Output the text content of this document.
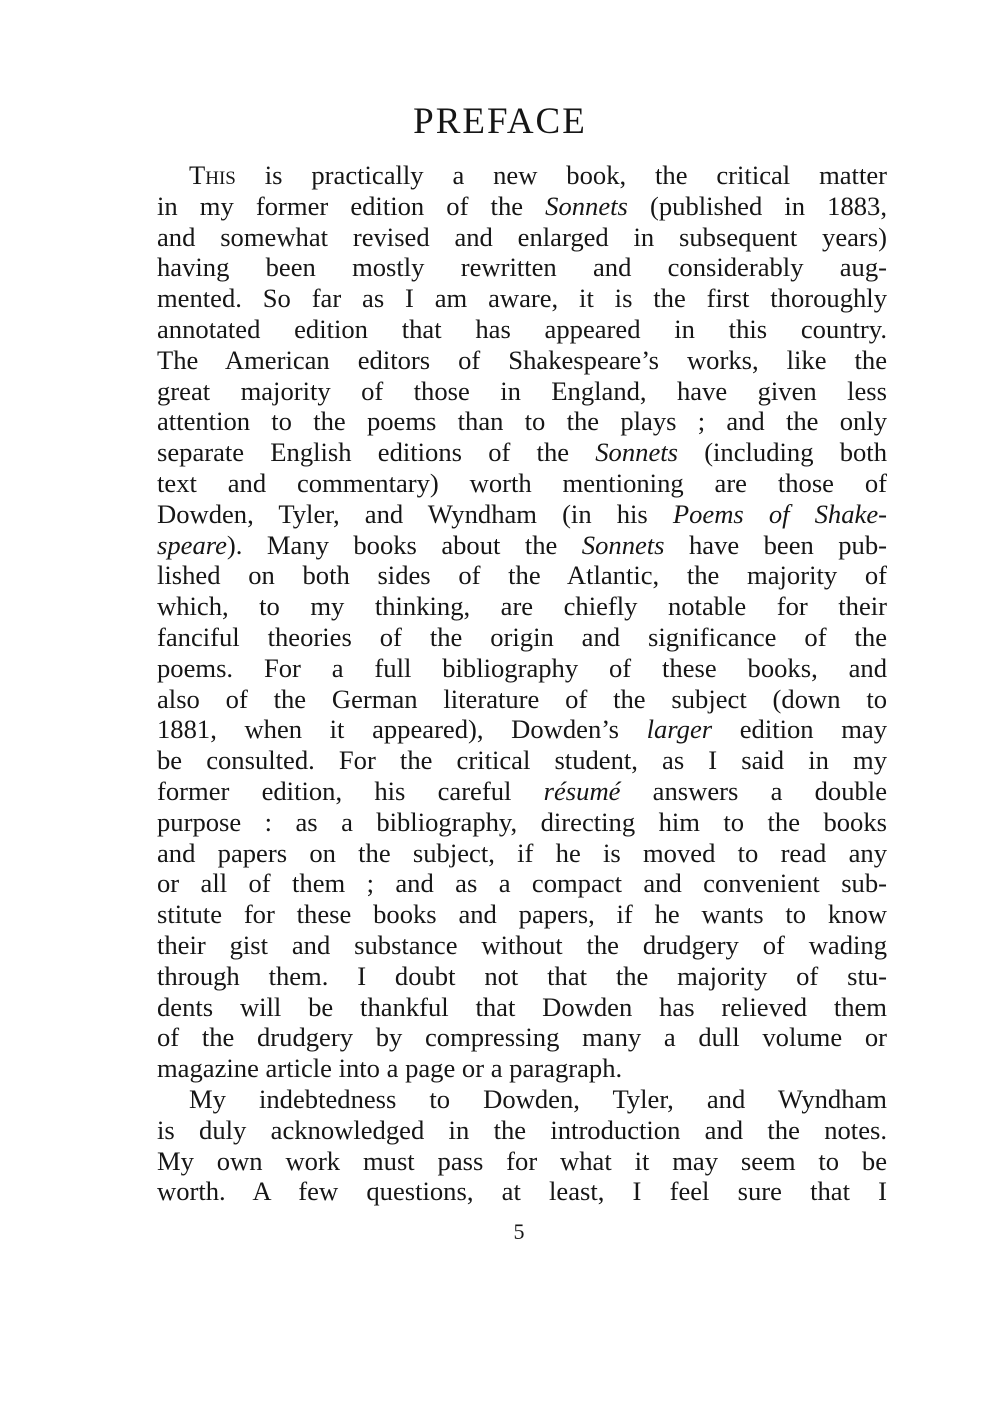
PREFACE
This is practically a new book, the critical matter
in my former edition of the Sonnets (published in 1883,
and somewhat revised and enlarged in subsequent years)
having been mostly rewritten and considerably aug-
mented. So far as I am aware, it is the first thoroughly
annotated edition that has appeared in this country.
The American editors of Shakespeare’s works, like the
great majority of those in England, have given less
attention to the poems than to the plays ; and the only
separate English editions of the Sonnets (including both
text and commentary) worth mentioning are those of
Dowden, Tyler, and Wyndham (in his Poems of Shake-
speare). Many books about the Sonnets have been pub-
lished on both sides of the Atlantic, the majority of
which, to my thinking, are chiefly notable for their
fanciful theories of the origin and significance of the
poems. For a full bibliography of these books, and
also of the German literature of the subject (down to
1881, when it appeared), Dowden’s larger edition may
be consulted. For the critical student, as I said in my
former edition, his careful résumé answers a double
purpose : as a bibliography, directing him to the books
and papers on the subject, if he is moved to read any
or all of them ; and as a compact and convenient sub-
stitute for these books and papers, if he wants to know
their gist and substance without the drudgery of wading
through them. I doubt not that the majority of stu-
dents will be thankful that Dowden has relieved them
of the drudgery by compressing many a dull volume or
magazine article into a page or a paragraph.
My indebtedness to Dowden, Tyler, and Wyndham
is duly acknowledged in the introduction and the notes.
My own work must pass for what it may seem to be
worth. A few questions, at least, I feel sure that I
5
